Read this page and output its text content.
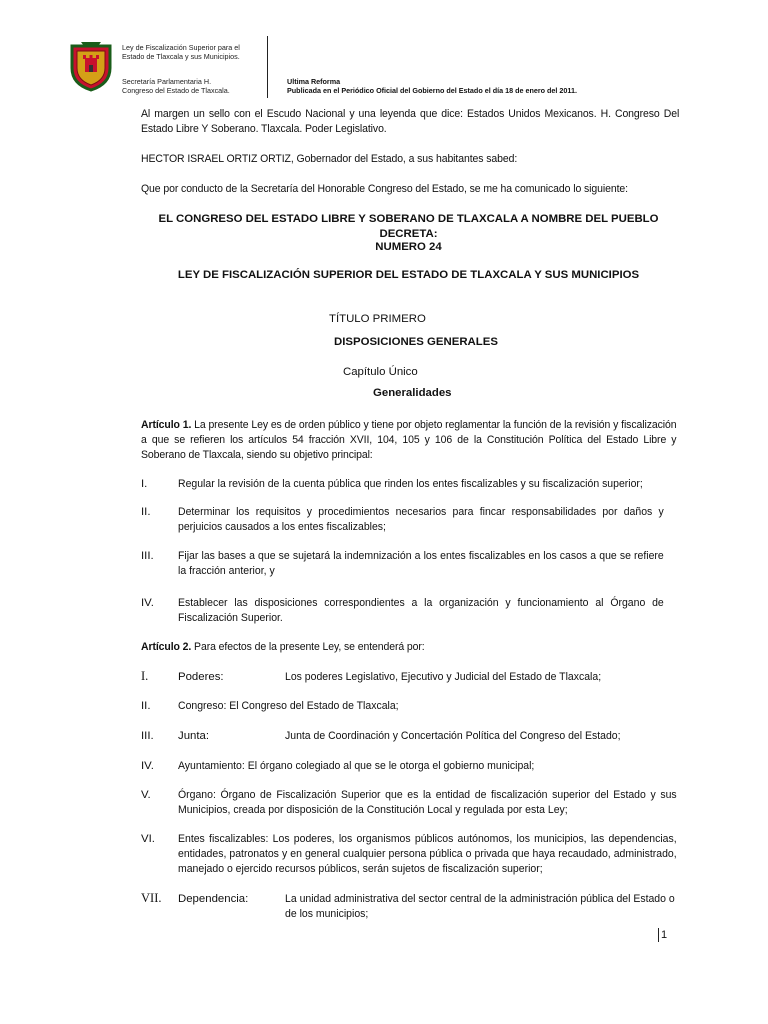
Ley de Fiscalización Superior para el Estado de Tlaxcala y sus Municipios.
Secretaría Parlamentaria H. Congreso del Estado de Tlaxcala.
Ultima Reforma
Publicada en el Periódico Oficial del Gobierno del Estado el día 18 de enero del 2011.
Al margen un sello con el Escudo Nacional y una leyenda que dice: Estados Unidos Mexicanos. H. Congreso Del Estado Libre Y Soberano. Tlaxcala. Poder Legislativo.
HECTOR ISRAEL ORTIZ ORTIZ, Gobernador del Estado, a sus habitantes sabed:
Que por conducto de la Secretaría del Honorable Congreso del Estado, se me ha comunicado lo siguiente:
EL CONGRESO DEL ESTADO LIBRE Y SOBERANO DE TLAXCALA A NOMBRE DEL PUEBLO DECRETA:
NUMERO 24
LEY DE FISCALIZACIÓN SUPERIOR DEL ESTADO DE TLAXCALA Y SUS MUNICIPIOS
TÍTULO PRIMERO
DISPOSICIONES GENERALES
Capítulo Único
Generalidades
Artículo 1. La presente Ley es de orden público y tiene por objeto reglamentar la función de la revisión y fiscalización a que se refieren los artículos 54 fracción XVII, 104, 105 y 106 de la Constitución Política del Estado Libre y Soberano de Tlaxcala, siendo su objetivo principal:
I.	Regular la revisión de la cuenta pública que rinden los entes fiscalizables y su fiscalización superior;
II. Determinar los requisitos y procedimientos necesarios para fincar responsabilidades por daños y perjuicios causados a los entes fiscalizables;
III. Fijar las bases a que se sujetará la indemnización a los entes fiscalizables en los casos a que se refiere la fracción anterior, y
IV. Establecer las disposiciones correspondientes a la organización y funcionamiento al Órgano de Fiscalización Superior.
Artículo 2. Para efectos de la presente Ley, se entenderá por:
I.	Poderes:	Los poderes Legislativo, Ejecutivo y Judicial del Estado de Tlaxcala;
II. Congreso: El Congreso del Estado de Tlaxcala;
III. Junta:	Junta de Coordinación y Concertación Política del Congreso del Estado;
IV. Ayuntamiento: El órgano colegiado al que se le otorga el gobierno municipal;
V. Órgano: Órgano de Fiscalización Superior que es la entidad de fiscalización superior del Estado y sus Municipios, creada por disposición de la Constitución Local y regulada por esta Ley;
VI. Entes fiscalizables: Los poderes, los organismos públicos autónomos, los municipios, las dependencias, entidades, patronatos y en general cualquier persona pública o privada que haya recaudado, administrado, manejado o ejercido recursos públicos, serán sujetos de fiscalización superior;
VII. Dependencia:	La unidad administrativa del sector central de la administración pública del Estado o de los municipios;
1
